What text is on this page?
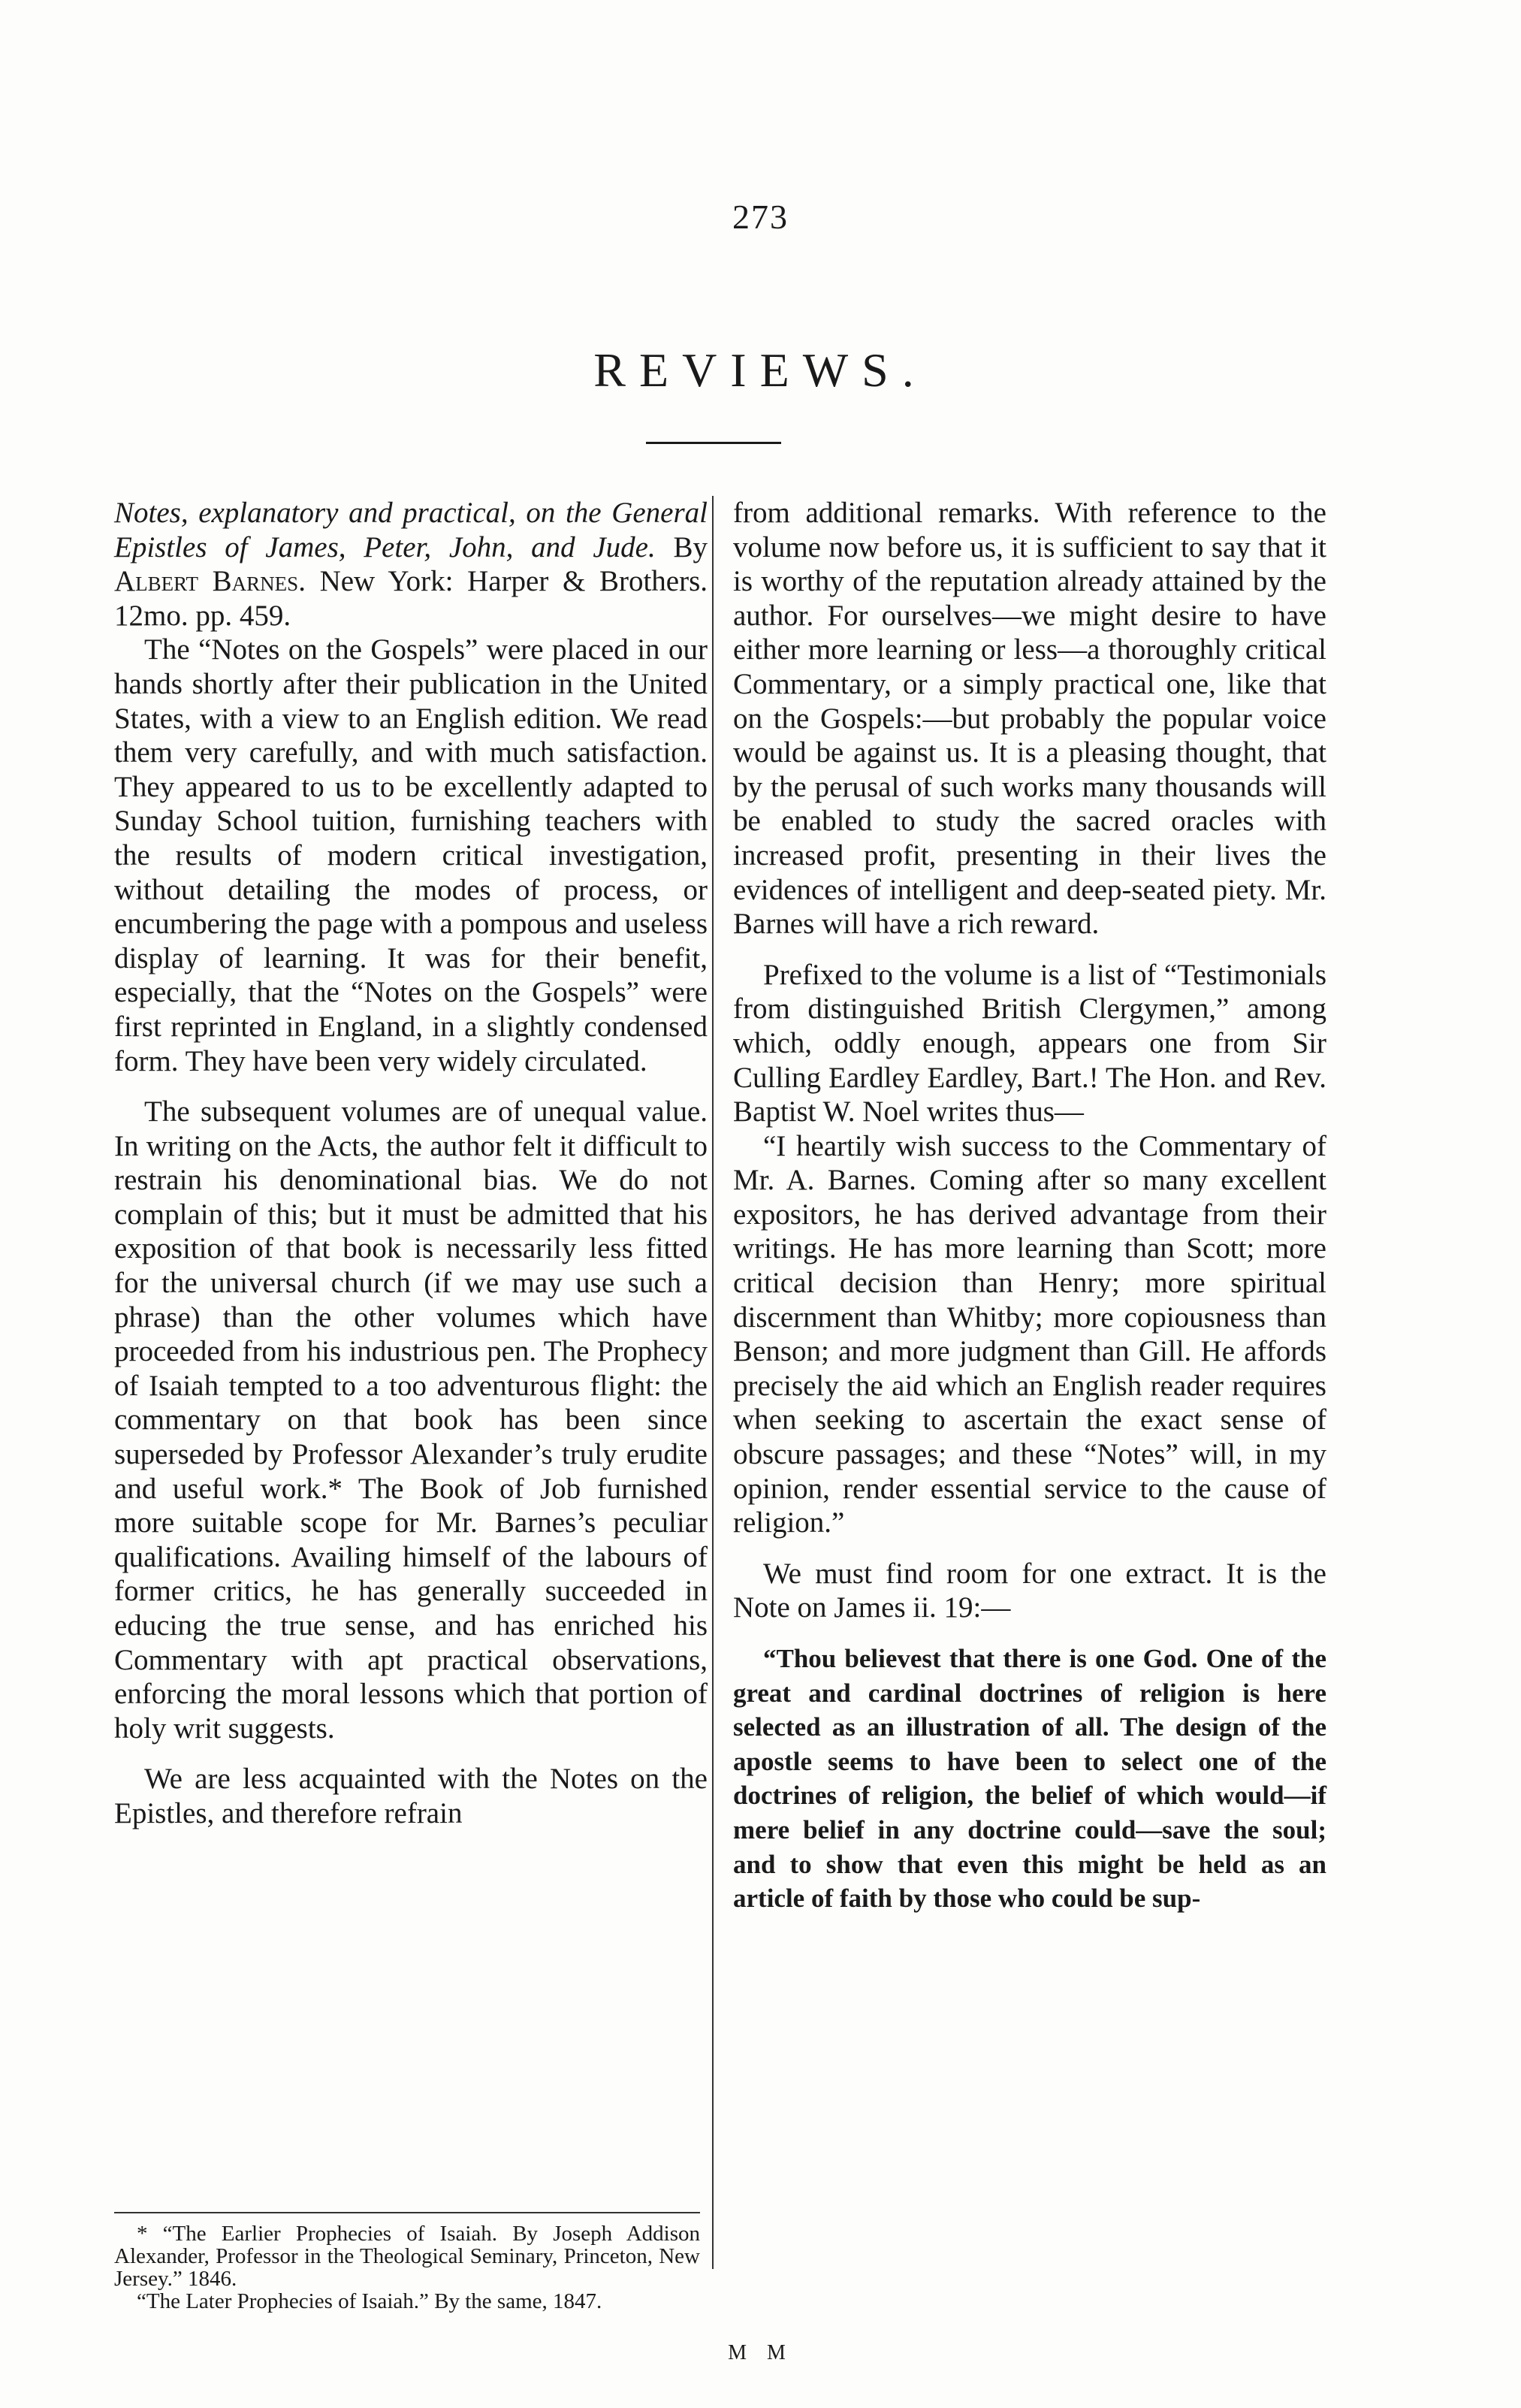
273
REVIEWS.

Notes, explanatory and practical, on the General Epistles of James, Peter, John, and Jude. By Albert Barnes. New York: Harper & Brothers. 12mo. pp. 459.

The “Notes on the Gospels” were placed in our hands shortly after their publication in the United States, with a view to an English edition. We read them very carefully, and with much satisfaction. They appeared to us to be excellently adapted to Sunday School tuition, furnishing teachers with the results of modern critical investigation, without detailing the modes of process, or encumbering the page with a pompous and useless display of learning. It was for their benefit, especially, that the “Notes on the Gospels” were first reprinted in England, in a slightly condensed form. They have been very widely circulated.

The subsequent volumes are of unequal value. In writing on the Acts, the author felt it difficult to restrain his denominational bias. We do not complain of this; but it must be admitted that his exposition of that book is necessarily less fitted for the universal church (if we may use such a phrase) than the other volumes which have proceeded from his industrious pen. The Prophecy of Isaiah tempted to a too adventurous flight: the commentary on that book has been since superseded by Professor Alexander’s truly erudite and useful work.* The Book of Job furnished more suitable scope for Mr. Barnes’s peculiar qualifications. Availing himself of the labours of former critics, he has generally succeeded in educing the true sense, and has enriched his Commentary with apt practical observations, enforcing the moral lessons which that portion of holy writ suggests.

We are less acquainted with the Notes on the Epistles, and therefore refrain

from additional remarks. With reference to the volume now before us, it is sufficient to say that it is worthy of the reputation already attained by the author. For ourselves—we might desire to have either more learning or less—a thoroughly critical Commentary, or a simply practical one, like that on the Gospels:—but probably the popular voice would be against us. It is a pleasing thought, that by the perusal of such works many thousands will be enabled to study the sacred oracles with increased profit, presenting in their lives the evidences of intelligent and deep-seated piety. Mr. Barnes will have a rich reward.

Prefixed to the volume is a list of “Testimonials from distinguished British Clergymen,” among which, oddly enough, appears one from Sir Culling Eardley Eardley, Bart.! The Hon. and Rev. Baptist W. Noel writes thus—

“I heartily wish success to the Commentary of Mr. A. Barnes. Coming after so many excellent expositors, he has derived advantage from their writings. He has more learning than Scott; more critical decision than Henry; more spiritual discernment than Whitby; more copiousness than Benson; and more judgment than Gill. He affords precisely the aid which an English reader requires when seeking to ascertain the exact sense of obscure passages; and these “Notes” will, in my opinion, render essential service to the cause of religion.”

We must find room for one extract. It is the Note on James ii. 19:—

“Thou believest that there is one God. One of the great and cardinal doctrines of religion is here selected as an illustration of all. The design of the apostle seems to have been to select one of the doctrines of religion, the belief of which would—if mere belief in any doctrine could—save the soul; and to show that even this might be held as an article of faith by those who could be sup-

* “The Earlier Prophecies of Isaiah. By Joseph Addison Alexander, Professor in the Theological Seminary, Princeton, New Jersey.” 1846.

“The Later Prophecies of Isaiah.” By the same, 1847.

M M
